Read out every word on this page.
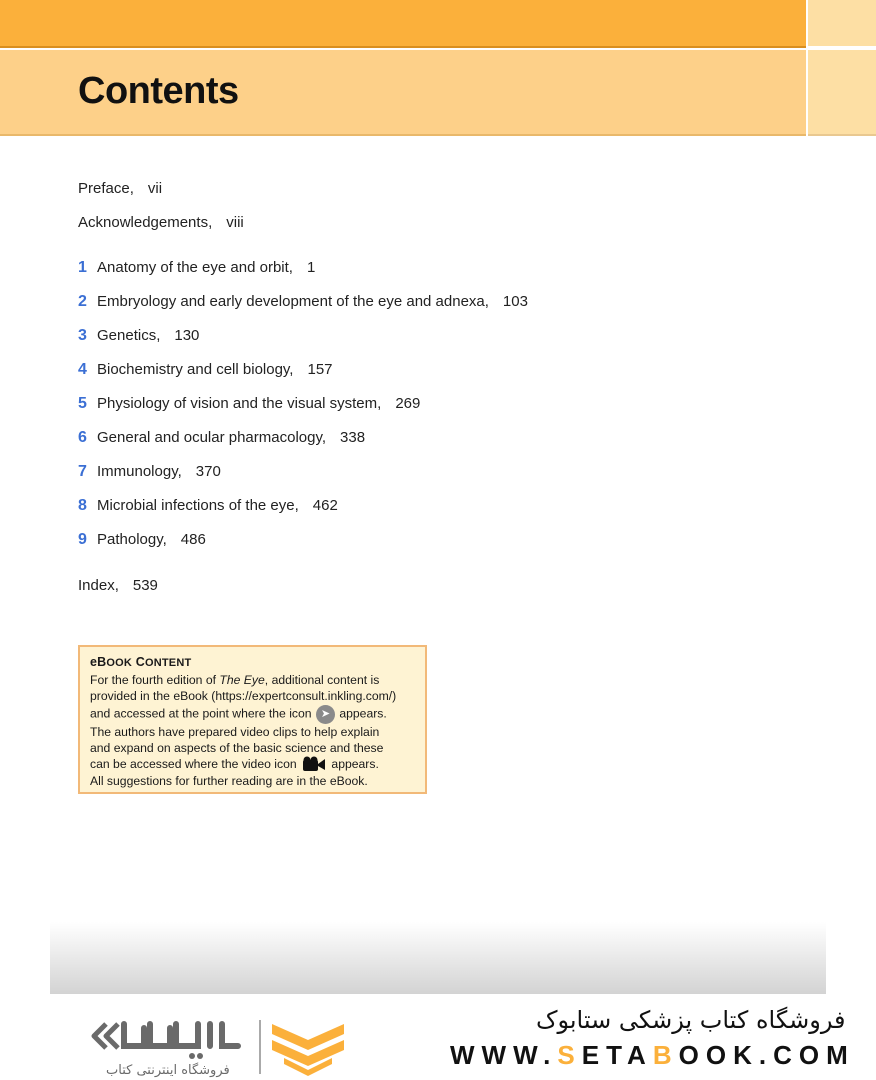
Contents
Preface, vii
Acknowledgements, viii
1 Anatomy of the eye and orbit, 1
2 Embryology and early development of the eye and adnexa, 103
3 Genetics, 130
4 Biochemistry and cell biology, 157
5 Physiology of vision and the visual system, 269
6 General and ocular pharmacology, 338
7 Immunology, 370
8 Microbial infections of the eye, 462
9 Pathology, 486
Index, 539
eBOOK CONTENT

For the fourth edition of The Eye, additional content is

provided in the eBook (https://expertconsult.inkling.com/)

and accessed at the point where the icon ➤ appears.

The authors have prepared video clips to help explain

and expand on aspects of the basic science and these

can be accessed where the video icon	appears.

All suggestions for further reading are in the eBook.

فروشگاه اینترنتی کتاب
فروشگاه کتاب پزشکی ستابوک
WWW.SETABOOK.COM
